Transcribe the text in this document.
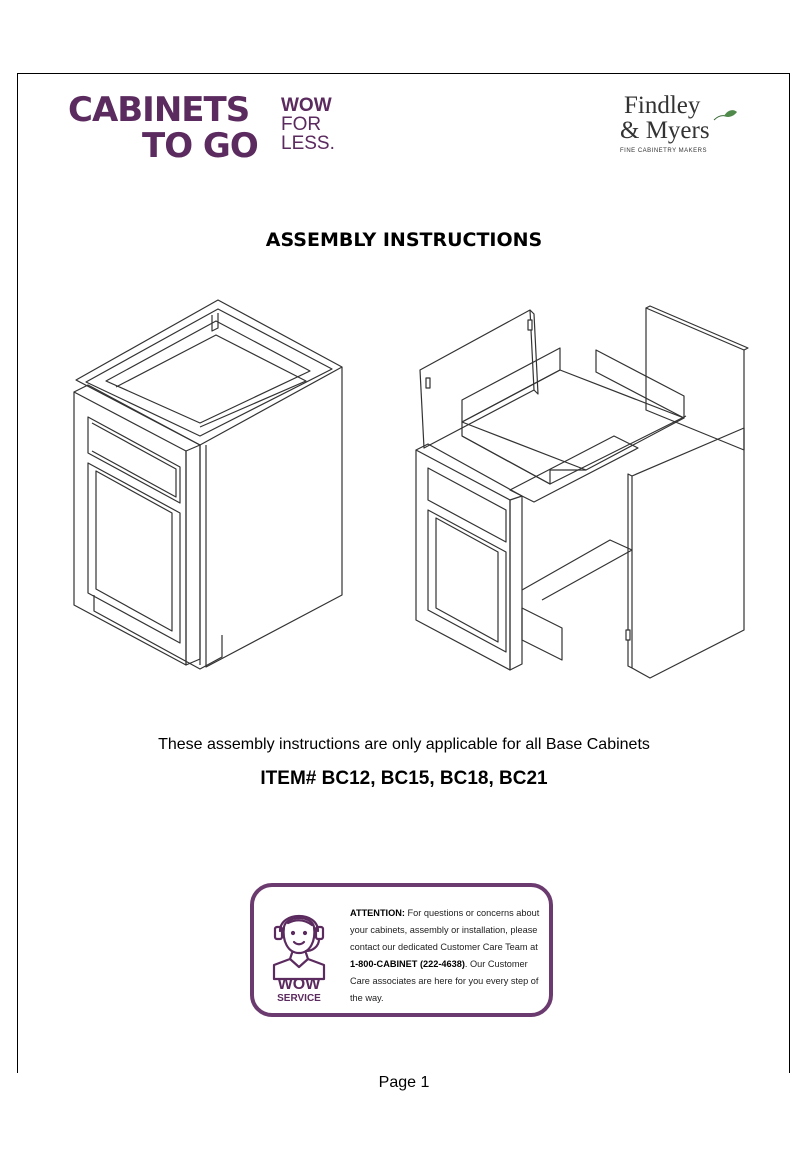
CABINETS
TO GO
WOW
FOR
LESS.
Findley
& Myers
FINE CABINETRY MAKERS
ASSEMBLY INSTRUCTIONS
These assembly instructions are only applicable for all Base Cabinets
ITEM# BC12, BC15, BC18, BC21
WOW
SERVICE
ATTENTION: For questions or concerns about your cabinets, assembly or installation, please contact our dedicated Customer Care Team at 1-800-CABINET (222-4638). Our Customer Care associates are here for you every step of the way.
Page 1
